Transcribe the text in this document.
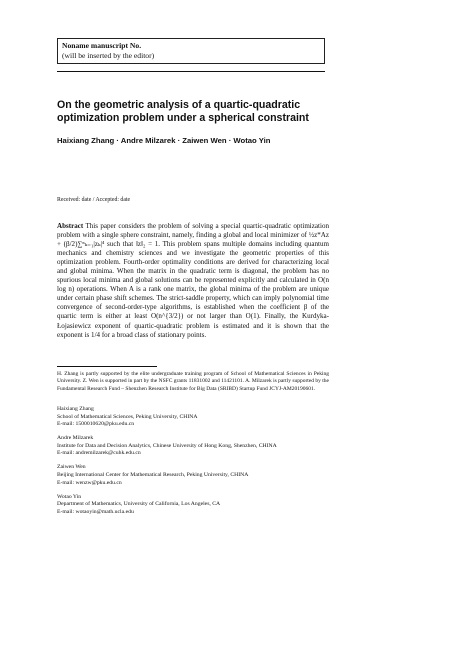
Noname manuscript No.
(will be inserted by the editor)
On the geometric analysis of a quartic-quadratic optimization problem under a spherical constraint
Haixiang Zhang · Andre Milzarek · Zaiwen Wen · Wotao Yin
Received: date / Accepted: date
Abstract This paper considers the problem of solving a special quartic-quadratic optimization problem with a single sphere constraint, namely, finding a global and local minimizer of ½z*Az + (β/2)∑ⁿₖ₌₁|zₖ|⁴ such that ‖z‖₂ = 1. This problem spans multiple domains including quantum mechanics and chemistry sciences and we investigate the geometric properties of this optimization problem. Fourth-order optimality conditions are derived for characterizing local and global minima. When the matrix in the quadratic term is diagonal, the problem has no spurious local minima and global solutions can be represented explicitly and calculated in O(n log n) operations. When A is a rank one matrix, the global minima of the problem are unique under certain phase shift schemes. The strict-saddle property, which can imply polynomial time convergence of second-order-type algorithms, is established when the coefficient β of the quartic term is either at least O(n^{3/2}) or not larger than O(1). Finally, the Kurdyka-Łojasiewicz exponent of quartic-quadratic problem is estimated and it is shown that the exponent is 1/4 for a broad class of stationary points.
H. Zhang is partly supported by the elite undergraduate training program of School of Mathematical Sciences in Peking University. Z. Wen is supported in part by the NSFC grants 11831002 and 11421101. A. Milzarek is partly supported by the Fundamental Research Fund – Shenzhen Research Institute for Big Data (SRIBD) Startup Fund JCYJ-AM20190601.
Haixiang Zhang
School of Mathematical Sciences, Peking University, CHINA
E-mail: 1500010620@pku.edu.cn
Andre Milzarek
Institute for Data and Decision Analytics, Chinese University of Hong Kong, Shenzhen, CHINA
E-mail: andremilzarek@cuhk.edu.cn
Zaiwen Wen
Beijing International Center for Mathematical Research, Peking University, CHINA
E-mail: wenzw@pku.edu.cn
Wotao Yin
Department of Mathematics, University of California, Los Angeles, CA
E-mail: wotaoyin@math.ucla.edu
